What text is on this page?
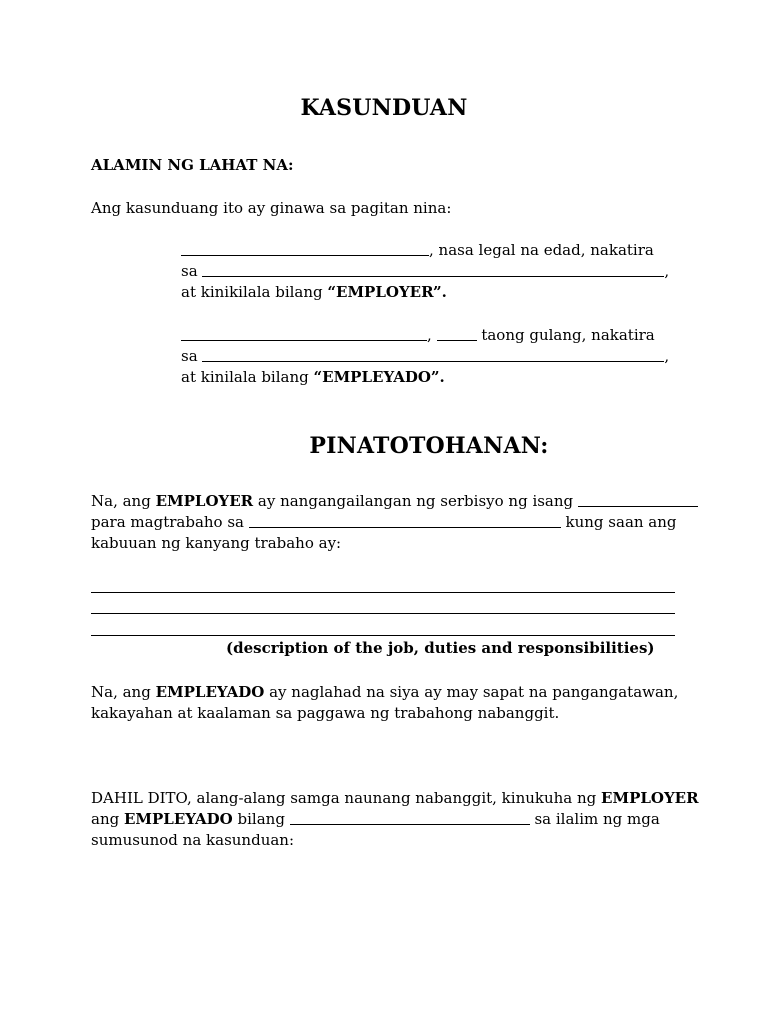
KASUNDUAN
ALAMIN NG LAHAT NA:
Ang kasunduang ito ay ginawa sa pagitan nina:
, nasa legal na edad, nakatira
sa	,
at kinikilala bilang “EMPLOYER”.
,	taong gulang, nakatira
sa	,
at kinilala bilang “EMPLEYADO”.
PINATOTOHANAN:
Na, ang EMPLOYER ay nangangailangan ng serbisyo ng isang
para magtrabaho sa	kung saan ang
kabuuan ng kanyang trabaho ay:
(description of the job, duties and responsibilities)
Na, ang EMPLEYADO ay naglahad na siya ay may sapat na pangangatawan,
kakayahan at kaalaman sa paggawa ng trabahong nabanggit.
DAHIL DITO, alang-alang samga naunang nabanggit, kinukuha ng EMPLOYER
ang EMPLEYADO bilang	sa ilalim ng mga
sumusunod na kasunduan:
